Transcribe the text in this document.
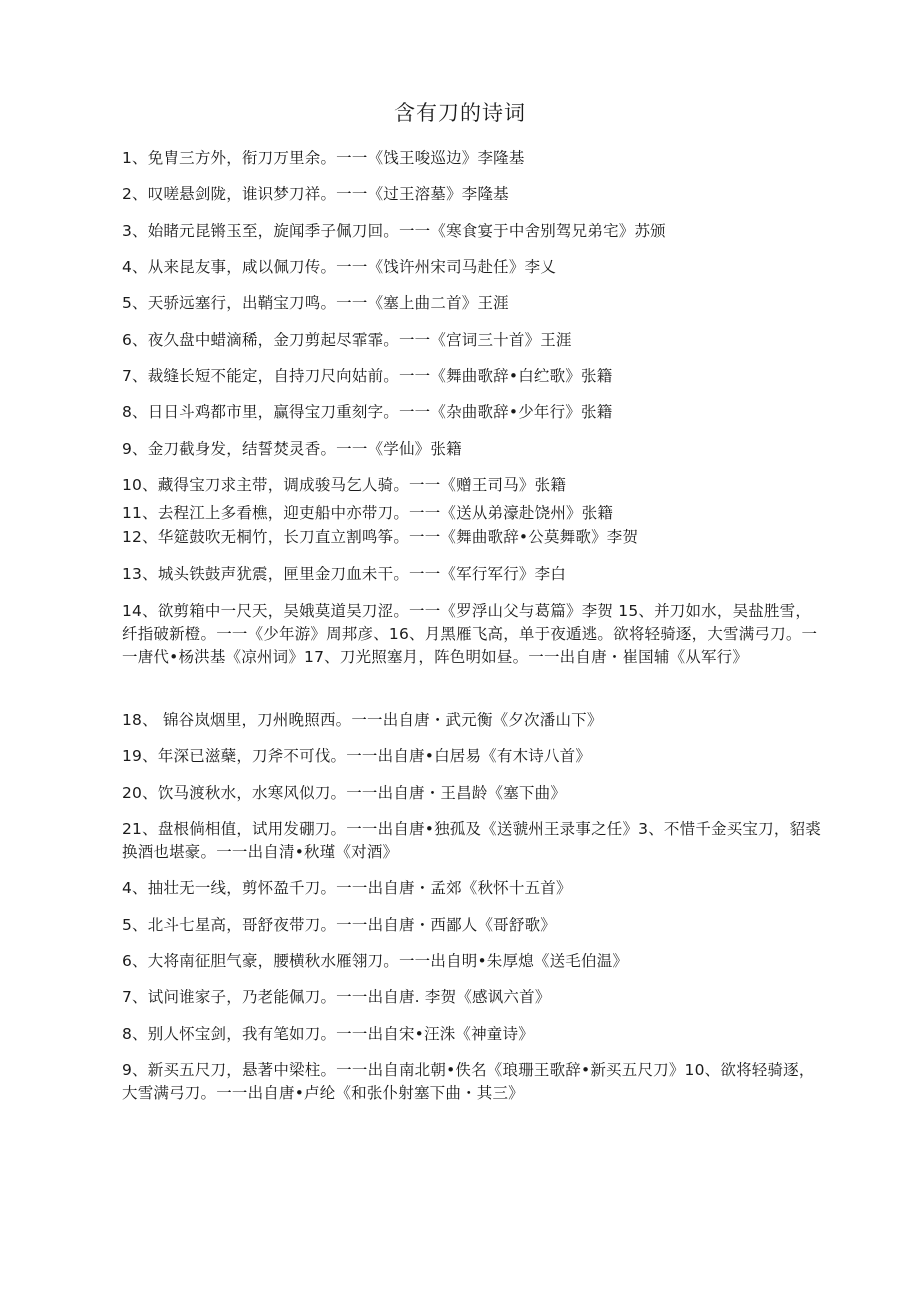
含有刀的诗词
1、免胄三方外，衔刀万里余。一一《饯王唆巡边》李隆基
2、叹嗟悬剑陇，谁识梦刀祥。一一《过王溶墓》李隆基
3、始睹元昆锵玉至，旋闻季子佩刀回。一一《寒食宴于中舍别驾兄弟宅》苏颁
4、从来昆友事，咸以佩刀传。一一《饯许州宋司马赴任》李乂
5、天骄远塞行，出鞘宝刀鸣。一一《塞上曲二首》王涯
6、夜久盘中蜡滴稀，金刀剪起尽霏霏。一一《宫词三十首》王涯
7、裁缝长短不能定，自持刀尺向姑前。一一《舞曲歌辞•白纻歌》张籍
8、日日斗鸡都市里，赢得宝刀重刻字。一一《杂曲歌辞•少年行》张籍
9、金刀截身发，结誓焚灵香。一一《学仙》张籍
10、藏得宝刀求主带，调成骏马乞人骑。一一《赠王司马》张籍
11、去程江上多看樵，迎吏船中亦带刀。一一《送从弟濠赴饶州》张籍
12、华筵鼓吹无桐竹，长刀直立割鸣筝。一一《舞曲歌辞•公莫舞歌》李贺
13、城头铁鼓声犹震，匣里金刀血未干。一一《军行军行》李白
14、欲剪箱中一尺天，吴娥莫道吴刀涩。一一《罗浮山父与葛篇》李贺 15、并刀如水，吴盐胜雪，纤指破新橙。一一《少年游》周邦彦、16、月黑雁飞高，单于夜遁逃。欲将轻骑逐，大雪满弓刀。一一唐代•杨洪基《凉州词》17、刀光照塞月，阵色明如昼。一一出自唐・崔国辅《从军行》
18、 锦谷岚烟里，刀州晚照西。一一出自唐・武元衡《夕次潘山下》
19、年深已滋蘖，刀斧不可伐。一一出自唐•白居易《有木诗八首》
20、饮马渡秋水，水寒风似刀。一一出自唐・王昌龄《塞下曲》
21、盘根倘相值，试用发硼刀。一一出自唐•独孤及《送虢州王录事之任》3、不惜千金买宝刀，貂裘换酒也堪豪。一一出自清•秋瑾《对酒》
4、抽壮无一线，剪怀盈千刀。一一出自唐・孟郊《秋怀十五首》
5、北斗七星高，哥舒夜带刀。一一出自唐・西鄙人《哥舒歌》
6、大将南征胆气豪，腰横秋水雁翎刀。一一出自明•朱厚熄《送毛伯温》
7、试问谁家子，乃老能佩刀。一一出自唐. 李贺《感讽六首》
8、别人怀宝剑，我有笔如刀。一一出自宋•汪洙《神童诗》
9、新买五尺刀，悬著中梁柱。一一出自南北朝•佚名《琅珊王歌辞•新买五尺刀》10、欲将轻骑逐，大雪满弓刀。一一出自唐•卢纶《和张仆射塞下曲・其三》
